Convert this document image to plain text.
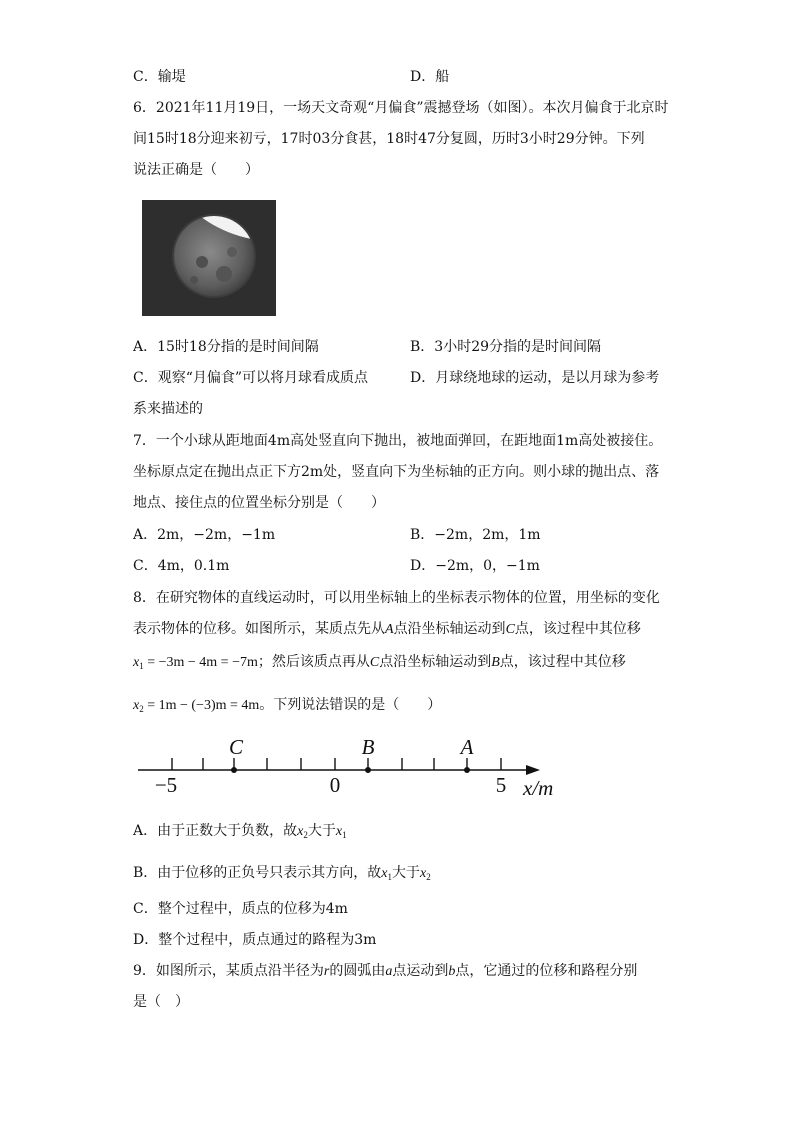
C．输堤	D．船
6．2021年11月19日，一场天文奇观“月偏食”震撼登场（如图）。本次月偏食于北京时
间15时18分迎来初亏，17时03分食甚，18时47分复圆，历时3小时29分钟。下列
说法正确是（　　）
A．15时18分指的是时间间隔	B．3小时29分指的是时间间隔
C．观察“月偏食”可以将月球看成质点	D．月球绕地球的运动，是以月球为参考
系来描述的
7．一个小球从距地面4m高处竖直向下抛出，被地面弹回，在距地面1m高处被接住。
坐标原点定在抛出点正下方2m处，竖直向下为坐标轴的正方向。则小球的抛出点、落
地点、接住点的位置坐标分别是（　　）
A．2m，−2m，−1m	B．−2m，2m，1m
C．4m，0.1m	D．−2m，0，−1m
8．在研究物体的直线运动时，可以用坐标轴上的坐标表示物体的位置，用坐标的变化
表示物体的位移。如图所示，某质点先从A点沿坐标轴运动到C点，该过程中其位移
$x_1 = -3m - 4m = -7m$；然后该质点再从C点沿坐标轴运动到B点，该过程中其位移
$x_2 = 1m - (-3)m = 4m$。下列说法错误的是（　　）
C	B	A
−5	0	5 x/m
A．由于正数大于负数，故$x_2$大于$x_1$
B．由于位移的正负号只表示其方向，故$x_1$大于$x_2$
C．整个过程中，质点的位移为4m
D．整个过程中，质点通过的路程为3m
9．如图所示，某质点沿半径为r的圆弧由a点运动到b点，它通过的位移和路程分别
是（　）
